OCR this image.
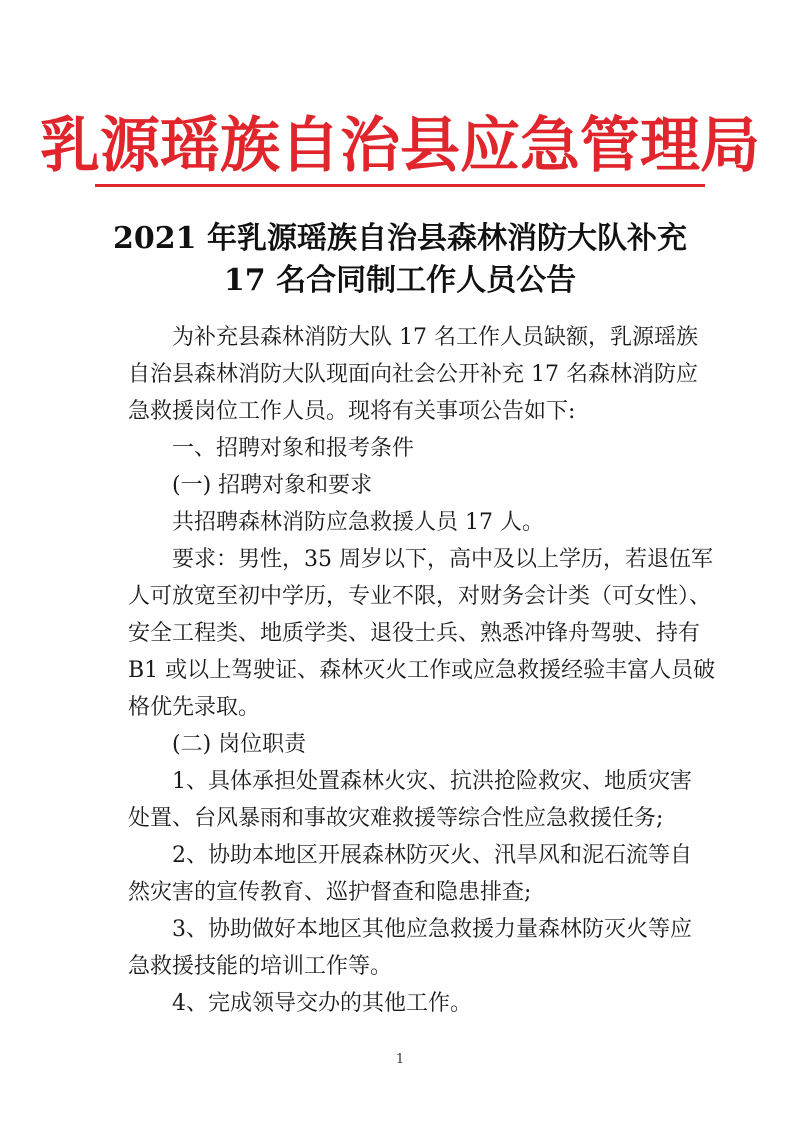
乳源瑶族自治县应急管理局
2021 年乳源瑶族自治县森林消防大队补充
17 名合同制工作人员公告

为补充县森林消防大队 17 名工作人员缺额，乳源瑶族

自治县森林消防大队现面向社会公开补充 17 名森林消防应

急救援岗位工作人员。现将有关事项公告如下:

一、招聘对象和报考条件

(一) 招聘对象和要求

共招聘森林消防应急救援人员 17 人。

要求：男性，35 周岁以下，高中及以上学历，若退伍军

人可放宽至初中学历，专业不限，对财务会计类（可女性）、

安全工程类、地质学类、退役士兵、熟悉冲锋舟驾驶、持有

B1 或以上驾驶证、森林灭火工作或应急救援经验丰富人员破

格优先录取。

(二) 岗位职责

1、具体承担处置森林火灾、抗洪抢险救灾、地质灾害

处置、台风暴雨和事故灾难救援等综合性应急救援任务;

2、协助本地区开展森林防灭火、汛旱风和泥石流等自

然灾害的宣传教育、巡护督查和隐患排查;

3、协助做好本地区其他应急救援力量森林防灭火等应

急救援技能的培训工作等。

4、完成领导交办的其他工作。

1
